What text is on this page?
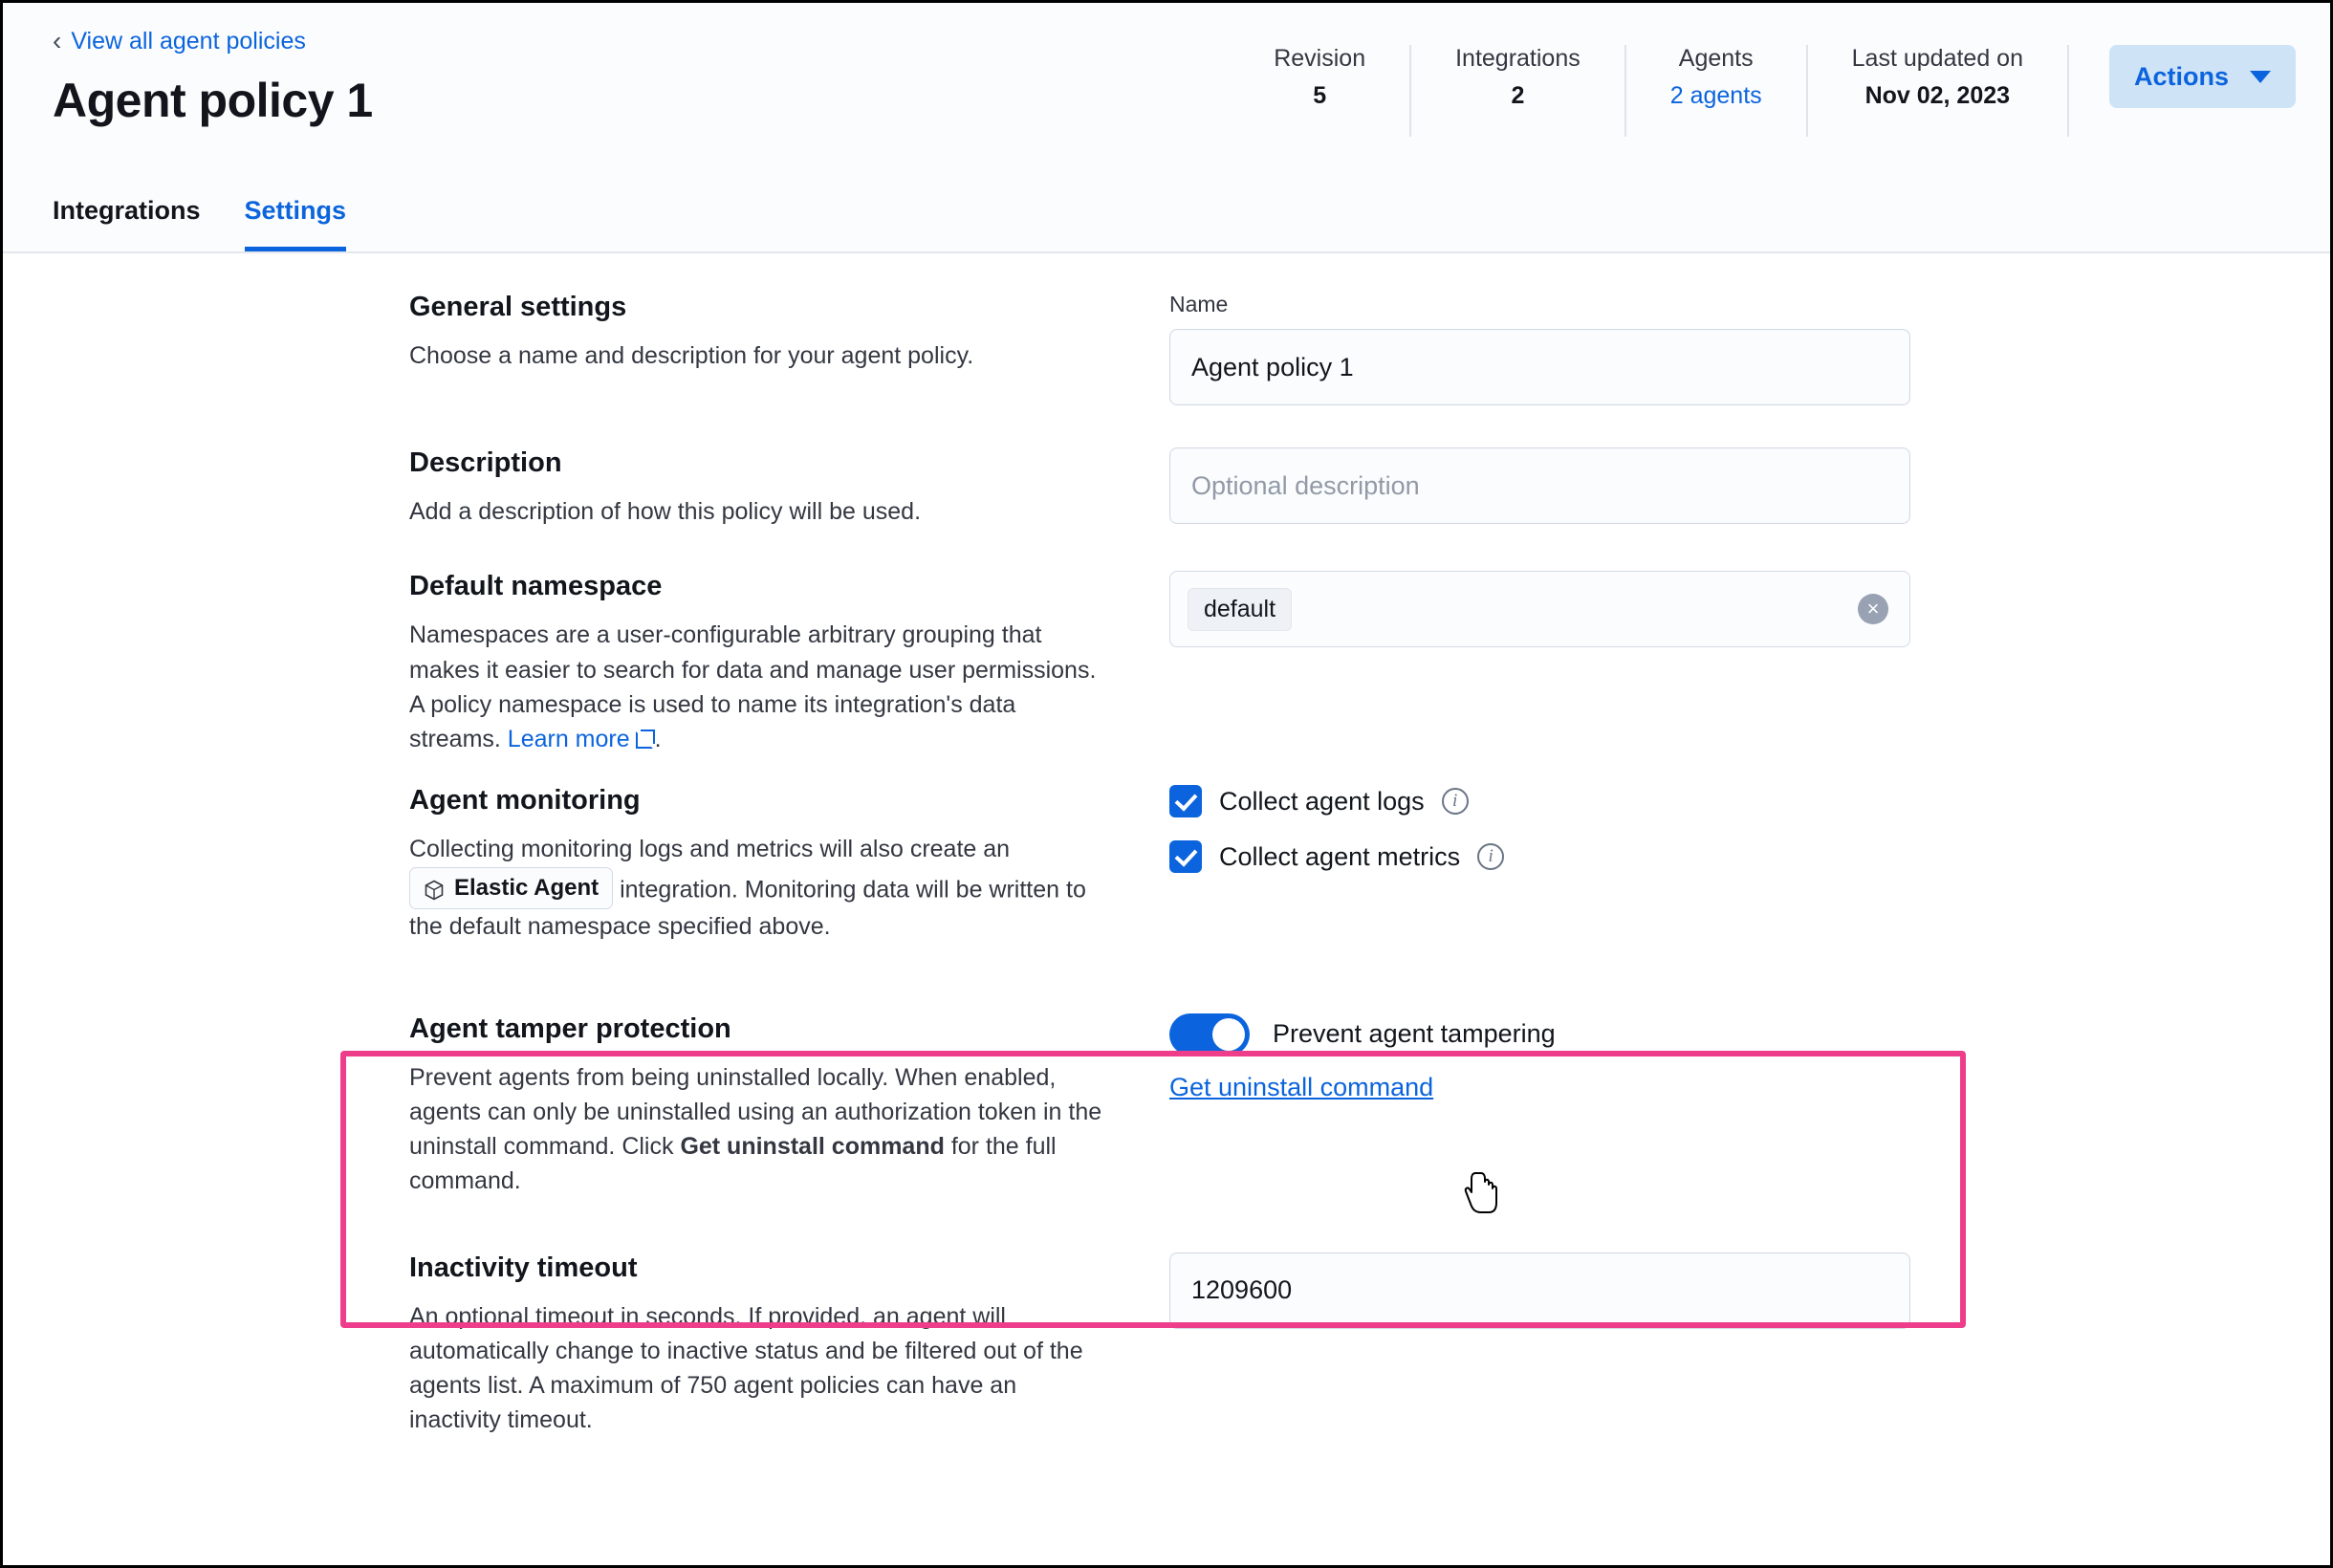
‹ View all agent policies
Agent policy 1
Revision
5
Integrations
2
Agents
2 agents
Last updated on
Nov 02, 2023
Actions
Integrations Settings
General settings

Choose a name and description for your agent policy.

Name
Agent policy 1
Description

Add a description of how this policy will be used.

Optional description
Default namespace

Namespaces are a user-configurable arbitrary grouping that makes it easier to search for data and manage user permissions. A policy namespace is used to name its integration's data streams. Learn more .

default	×
Agent monitoring

Collecting monitoring logs and metrics will also create an
Elastic Agent integration. Monitoring data will be written to the default namespace specified above.

Collect agent logs	i
Collect agent metrics	i
Agent tamper protection

Prevent agents from being uninstalled locally. When enabled, agents can only be uninstalled using an authorization token in the uninstall command. Click Get uninstall command for the full command.

Prevent agent tampering
Get uninstall command
Inactivity timeout

An optional timeout in seconds. If provided, an agent will automatically change to inactive status and be filtered out of the agents list. A maximum of 750 agent policies can have an inactivity timeout.

1209600
